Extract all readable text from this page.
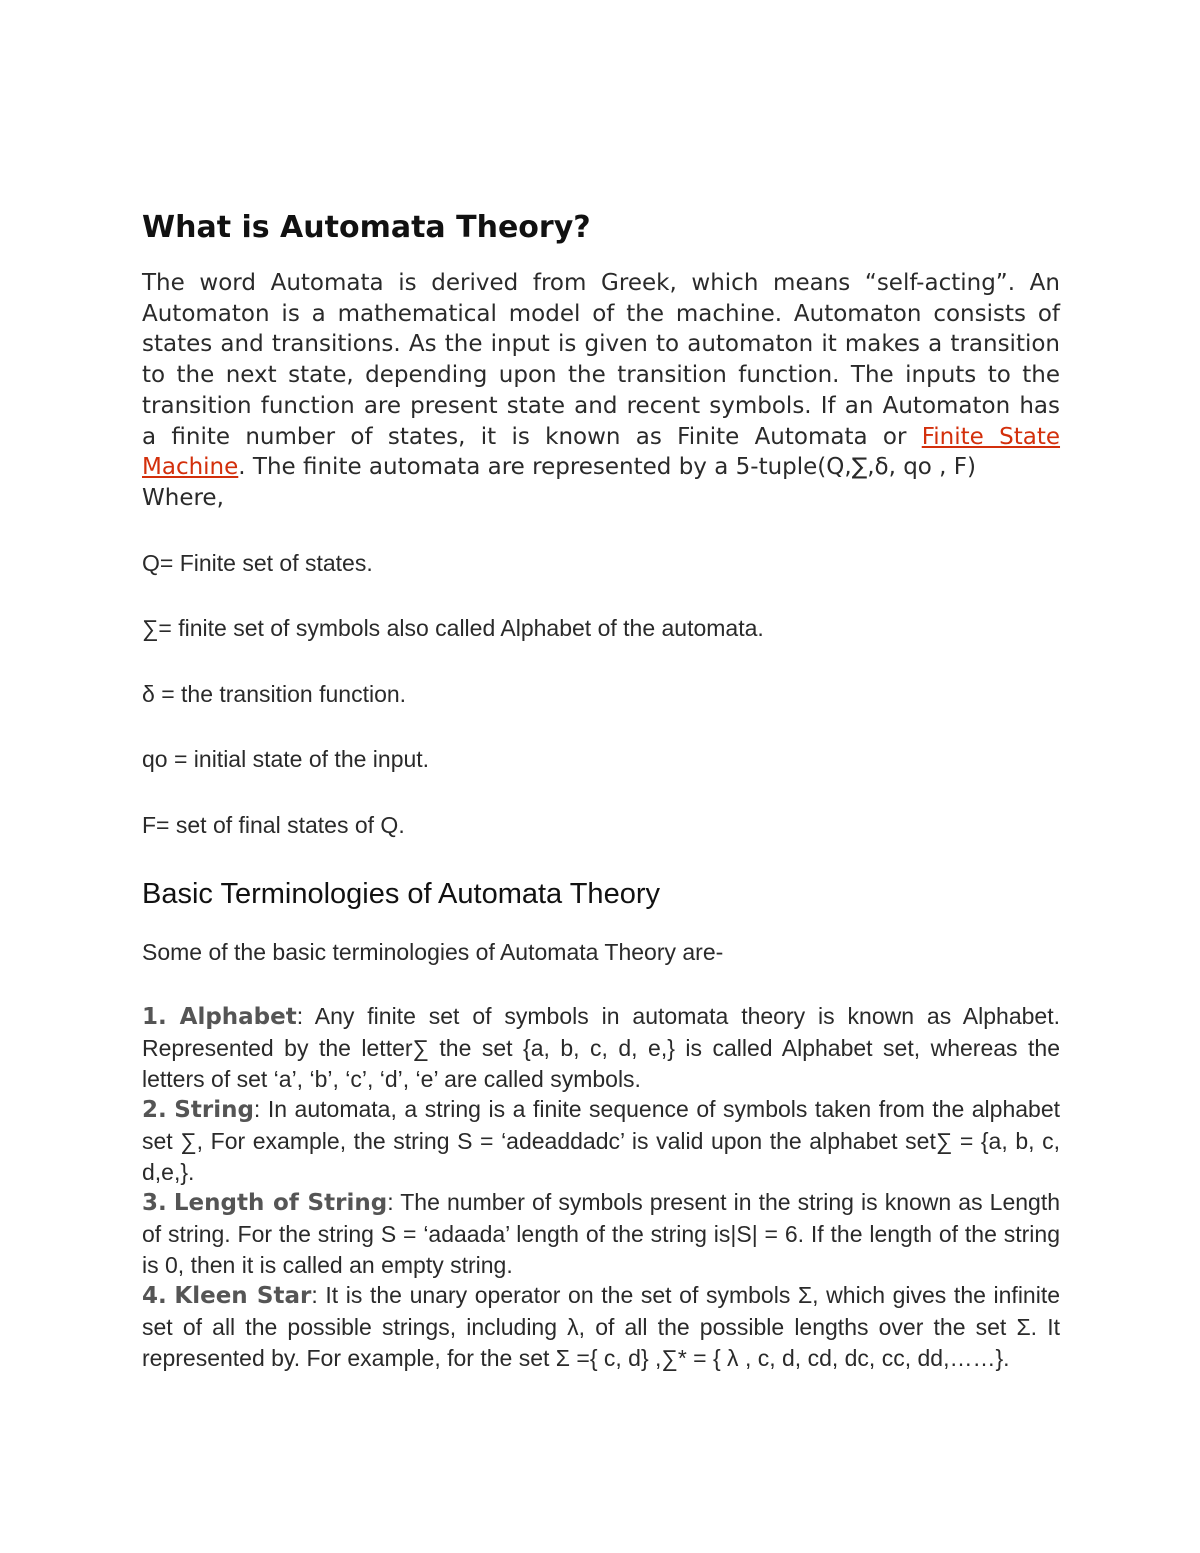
What is Automata Theory?

The word Automata is derived from Greek, which means “self-acting”. An Automaton is a mathematical model of the machine. Automaton consists of states and transitions. As the input is given to automaton it makes a transition to the next state, depending upon the transition function. The inputs to the transition function are present state and recent symbols. If an Automaton has a finite number of states, it is known as Finite Automata or Finite State Machine. The finite automata are represented by a 5-tuple(Q,∑,δ, qo , F)
Where,

Q= Finite set of states.

∑= finite set of symbols also called Alphabet of the automata.

δ = the transition function.

qo = initial state of the input.

F= set of final states of Q.

Basic Terminologies of Automata Theory

Some of the basic terminologies of Automata Theory are-

1. Alphabet: Any finite set of symbols in automata theory is known as Alphabet. Represented by the letter∑ the set {a, b, c, d, e,} is called Alphabet set, whereas the letters of set ‘a’, ‘b’, ‘c’, ‘d’, ‘e’ are called symbols.

2. String: In automata, a string is a finite sequence of symbols taken from the alphabet set ∑, For example, the string S = ‘adeaddadc’ is valid upon the alphabet set∑ = {a, b, c, d,e,}.

3. Length of String: The number of symbols present in the string is known as Length of string. For the string S = ‘adaada’ length of the string is|S| = 6. If the length of the string is 0, then it is called an empty string.

4. Kleen Star: It is the unary operator on the set of symbols Σ, which gives the infinite set of all the possible strings, including λ, of all the possible lengths over the set Σ. It represented by. For example, for the set Σ ={ c, d} ,∑* = { λ , c, d, cd, dc, cc, dd,……}.
